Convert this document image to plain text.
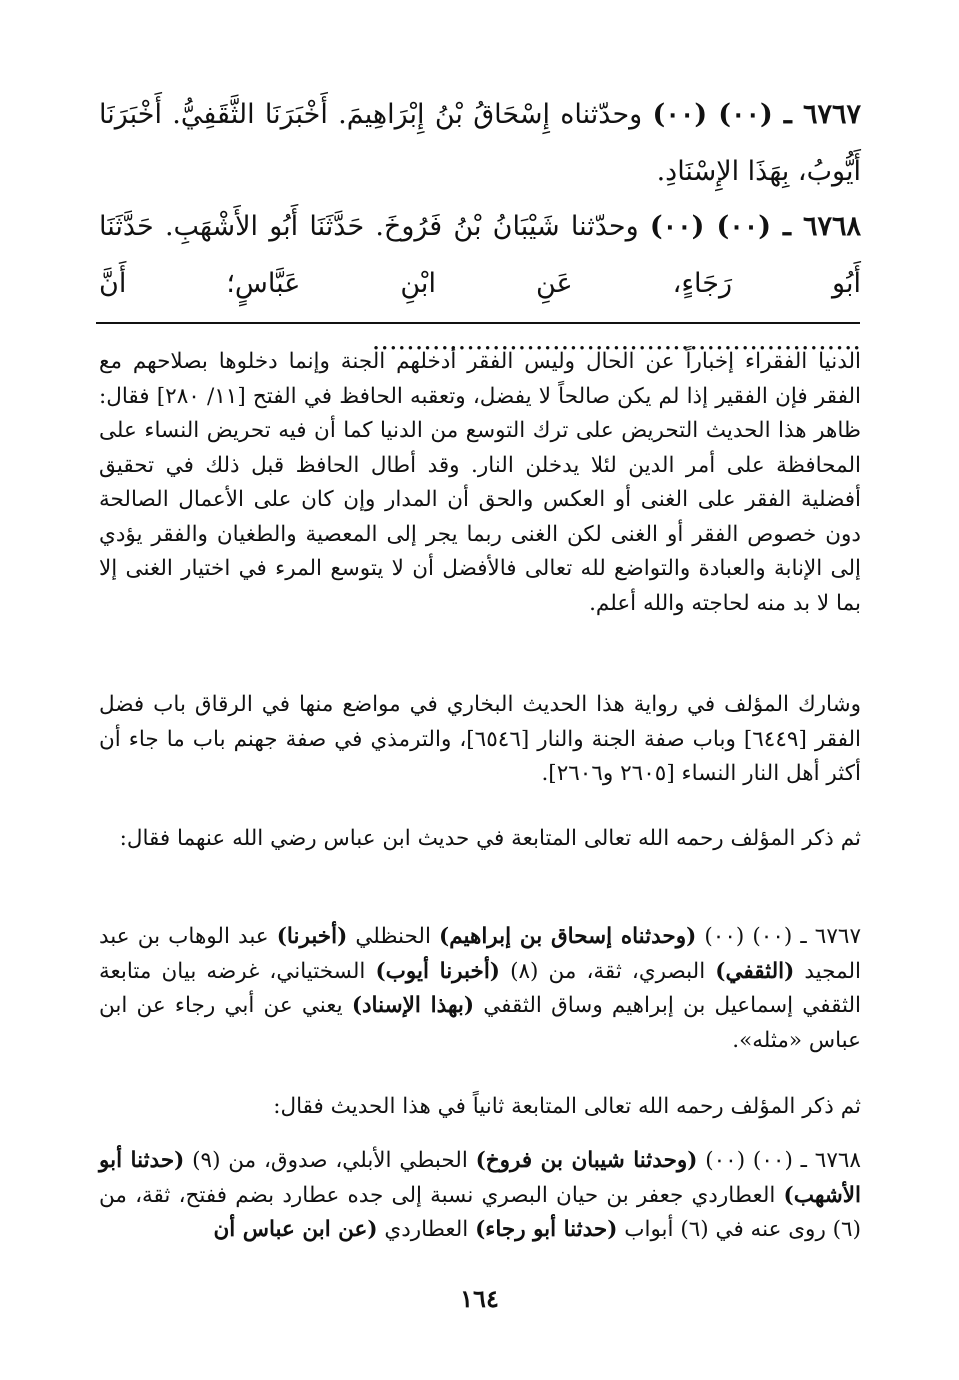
٦٧٦٧ ـ (٠٠) (٠٠) وحدّثناه إِسْحَاقُ بْنُ إِبْرَاهِيمَ. أَخْبَرَنَا الثَّقَفِيُّ. أَخْبَرَنَا أَيُّوبُ، بِهَذَا الإِسْنَادِ.

٦٧٦٨ ـ (٠٠) (٠٠) وحدّثنا شَيْبَانُ بْنُ فَرُوخَ. حَدَّثَنَا أَبُو الأَشْهَبِ. حَدَّثَنَا أَبُو رَجَاءٍ، عَنِ ابْنِ عَبَّاسٍ؛ أَنَّ .........................................................

الدنيا الفقراء إخباراً عن الحال وليس الفقر أدخلهم الجنة وإنما دخلوها بصلاحهم مع الفقر فإن الفقير إذا لم يكن صالحاً لا يفضل، وتعقبه الحافظ في الفتح [١١/ ٢٨٠] فقال: ظاهر هذا الحديث التحريض على ترك التوسع من الدنيا كما أن فيه تحريض النساء على المحافظة على أمر الدين لئلا يدخلن النار. وقد أطال الحافظ قبل ذلك في تحقيق أفضلية الفقر على الغنى أو العكس والحق أن المدار وإن كان على الأعمال الصالحة دون خصوص الفقر أو الغنى لكن الغنى ربما يجر إلى المعصية والطغيان والفقر يؤدي إلى الإنابة والعبادة والتواضع لله تعالى فالأفضل أن لا يتوسع المرء في اختيار الغنى إلا بما لا بد منه لحاجته والله أعلم.

وشارك المؤلف في رواية هذا الحديث البخاري في مواضع منها في الرقاق باب فضل الفقر [٦٤٤٩] وباب صفة الجنة والنار [٦٥٤٦]، والترمذي في صفة جهنم باب ما جاء أن أكثر أهل النار النساء [٢٦٠٥ و٢٦٠٦].

ثم ذكر المؤلف رحمه الله تعالى المتابعة في حديث ابن عباس رضي الله عنهما فقال:

٦٧٦٧ ـ (٠٠) (٠٠) (وحدثناه إسحاق بن إبراهيم) الحنظلي (أخبرنا) عبد الوهاب بن عبد المجيد (الثقفي) البصري، ثقة، من (٨) (أخبرنا أيوب) السختياني، غرضه بيان متابعة الثقفي إسماعيل بن إبراهيم وساق الثقفي (بهذا الإسناد) يعني عن أبي رجاء عن ابن عباس «مثله».

ثم ذكر المؤلف رحمه الله تعالى المتابعة ثانياً في هذا الحديث فقال:

٦٧٦٨ ـ (٠٠) (٠٠) (وحدثنا شيبان بن فروخ) الحبطي الأبلي، صدوق، من (٩) (حدثنا أبو الأشهب) العطاردي جعفر بن حيان البصري نسبة إلى جده عطارد بضم ففتح، ثقة، من (٦) روى عنه في (٦) أبواب (حدثنا أبو رجاء) العطاردي (عن ابن عباس أن

١٦٤
